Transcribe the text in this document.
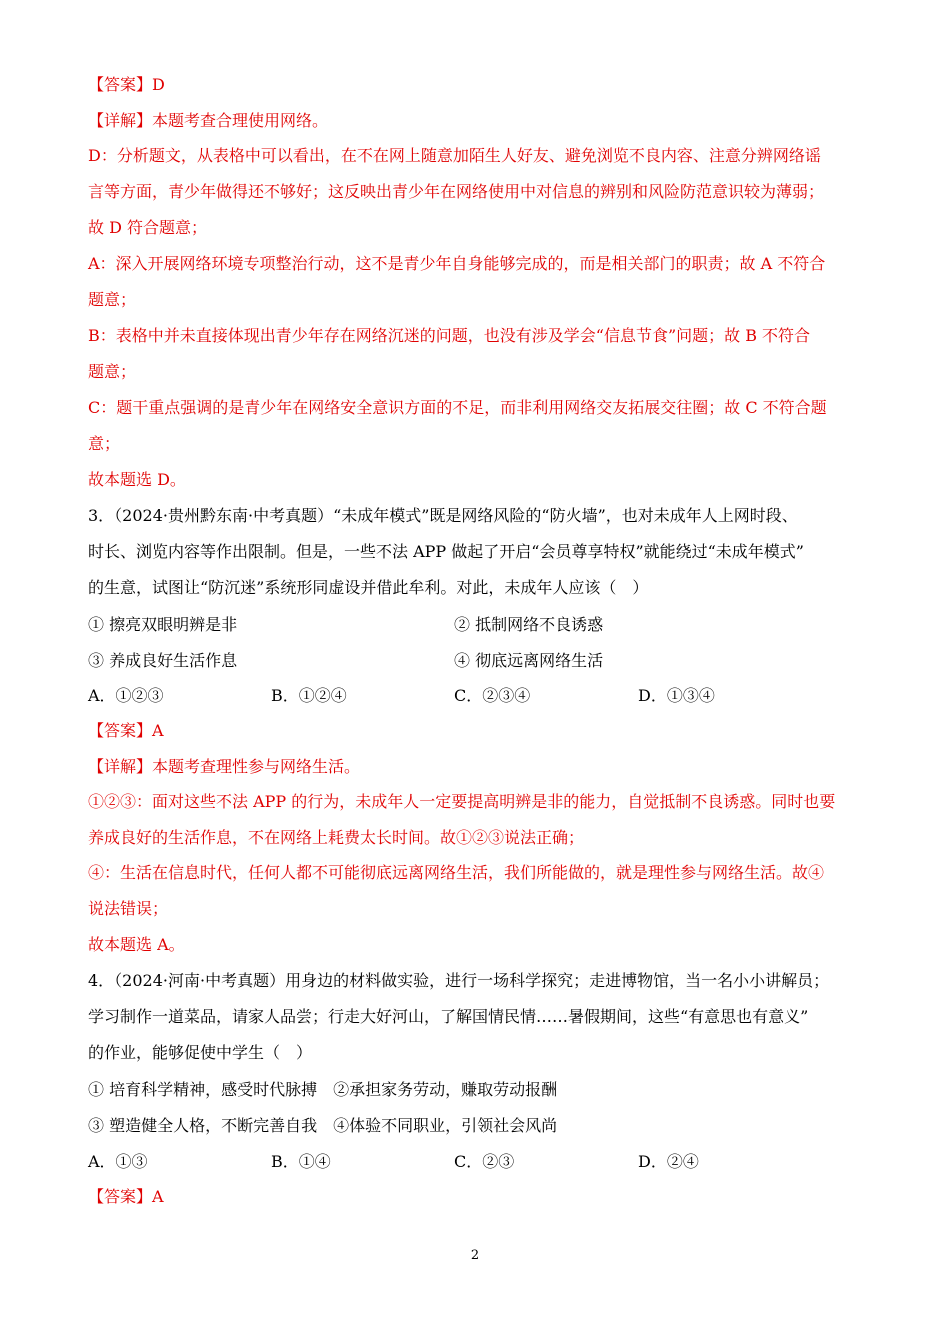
【答案】D
【详解】本题考查合理使用网络。
D：分析题文，从表格中可以看出，在不在网上随意加陌生人好友、避免浏览不良内容、注意分辨网络谣
言等方面，青少年做得还不够好；这反映出青少年在网络使用中对信息的辨别和风险防范意识较为薄弱；
故 D 符合题意；
A：深入开展网络环境专项整治行动，这不是青少年自身能够完成的，而是相关部门的职责；故 A 不符合
题意；
B：表格中并未直接体现出青少年存在网络沉迷的问题，也没有涉及学会“信息节食”问题；故 B 不符合
题意；
C：题干重点强调的是青少年在网络安全意识方面的不足，而非利用网络交友拓展交往圈；故 C 不符合题
意；
故本题选 D。
3．（2024·贵州黔东南·中考真题）“未成年模式”既是网络风险的“防火墙”，也对未成年人上网时段、
时长、浏览内容等作出限制。但是，一些不法 APP 做起了开启“会员尊享特权”就能绕过“未成年模式”
的生意，试图让“防沉迷”系统形同虚设并借此牟利。对此，未成年人应该（　）
① 擦亮双眼明辨是非	② 抵制网络不良诱惑
③ 养成良好生活作息	④ 彻底远离网络生活
A．①②③	B．①②④	C．②③④	D．①③④
【答案】A
【详解】本题考查理性参与网络生活。
①②③：面对这些不法 APP 的行为，未成年人一定要提高明辨是非的能力，自觉抵制不良诱惑。同时也要
养成良好的生活作息，不在网络上耗费太长时间。故①②③说法正确；
④：生活在信息时代，任何人都不可能彻底远离网络生活，我们所能做的，就是理性参与网络生活。故④
说法错误；
故本题选 A。
4．（2024·河南·中考真题）用身边的材料做实验，进行一场科学探究；走进博物馆，当一名小小讲解员；
学习制作一道菜品，请家人品尝；行走大好河山，了解国情民情……暑假期间，这些“有意思也有意义”
的作业，能够促使中学生（　）
① 培育科学精神，感受时代脉搏　②承担家务劳动，赚取劳动报酬
③ 塑造健全人格，不断完善自我　④体验不同职业，引领社会风尚
A．①③	B．①④	C．②③	D．②④
【答案】A
2
